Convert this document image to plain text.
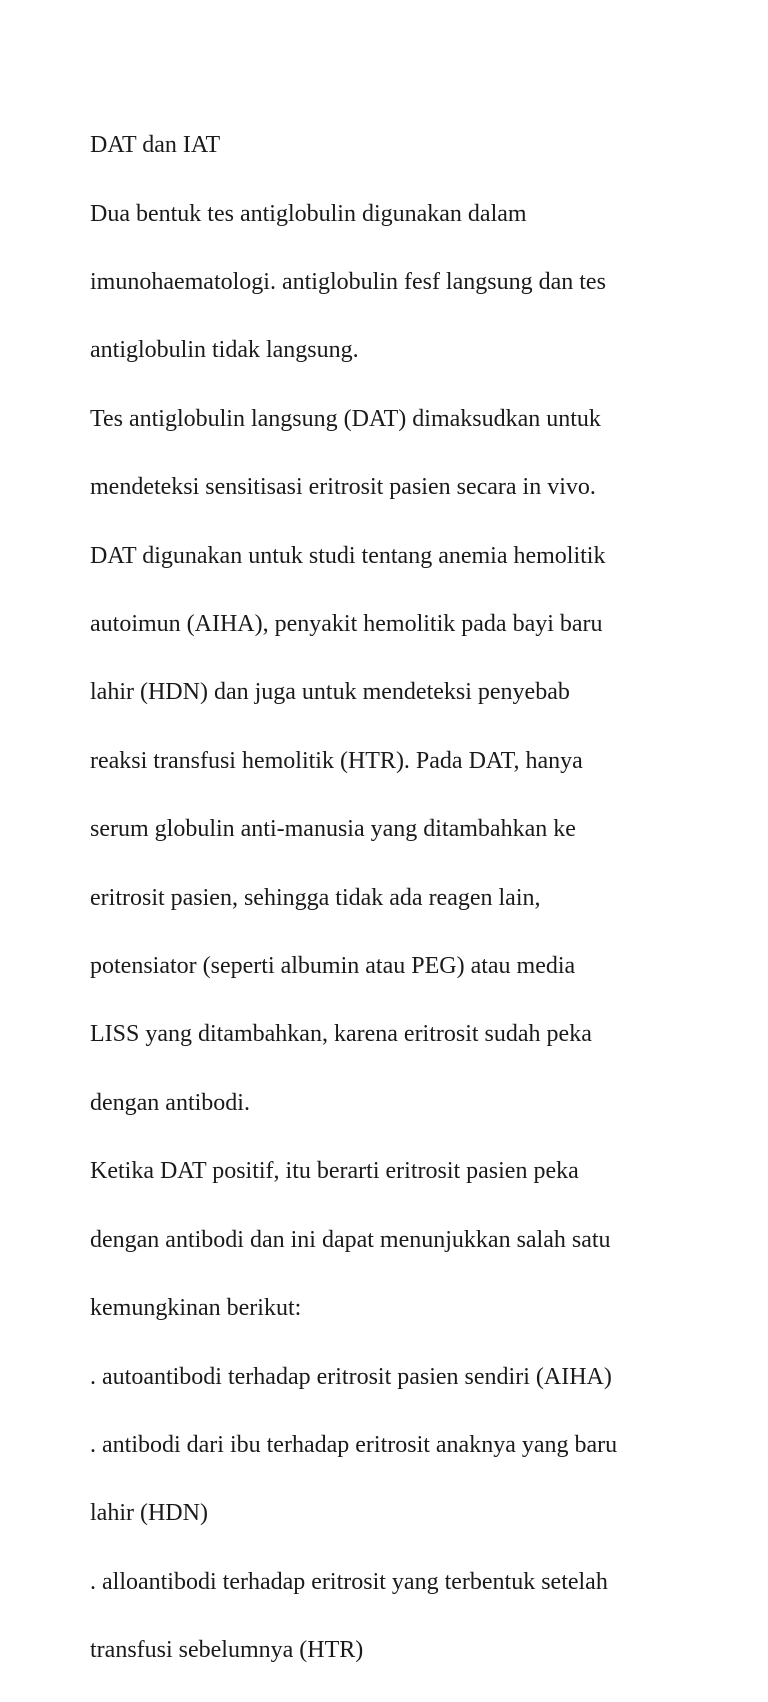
DAT dan IAT

Dua bentuk tes antiglobulin digunakan dalam

imunohaematologi. antiglobulin fesf langsung dan tes

antiglobulin tidak langsung.

Tes antiglobulin langsung (DAT) dimaksudkan untuk

mendeteksi sensitisasi eritrosit pasien secara in vivo.

DAT digunakan untuk studi tentang anemia hemolitik

autoimun (AIHA), penyakit hemolitik pada bayi baru

lahir (HDN) dan juga untuk mendeteksi penyebab

reaksi transfusi hemolitik (HTR). Pada DAT, hanya

serum globulin anti-manusia yang ditambahkan ke

eritrosit pasien, sehingga tidak ada reagen lain,

potensiator (seperti albumin atau PEG) atau media

LISS yang ditambahkan, karena eritrosit sudah peka

dengan antibodi.

Ketika DAT positif, itu berarti eritrosit pasien peka

dengan antibodi dan ini dapat menunjukkan salah satu

kemungkinan berikut:

. autoantibodi terhadap eritrosit pasien sendiri (AIHA)

. antibodi dari ibu terhadap eritrosit anaknya yang baru

lahir (HDN)

. alloantibodi terhadap eritrosit yang terbentuk setelah

transfusi sebelumnya (HTR)
